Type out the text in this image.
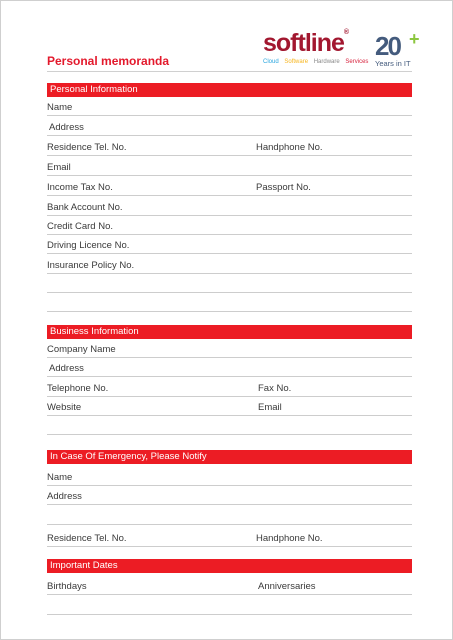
Personal memoranda
softline®
Cloud Software Hardware Services
20 +
Years in IT
Personal Information
Name
Address
Residence Tel. No.	Handphone No.
Email
Income Tax No.	Passport No.
Bank Account No.
Credit Card No.
Driving Licence No.
Insurance Policy No.
Business Information
Company Name
Address
Telephone No.	Fax No.
Website	Email
In Case Of Emergency, Please Notify
Name
Address
Residence Tel. No.	Handphone No.
Important Dates
Birthdays	Anniversaries
